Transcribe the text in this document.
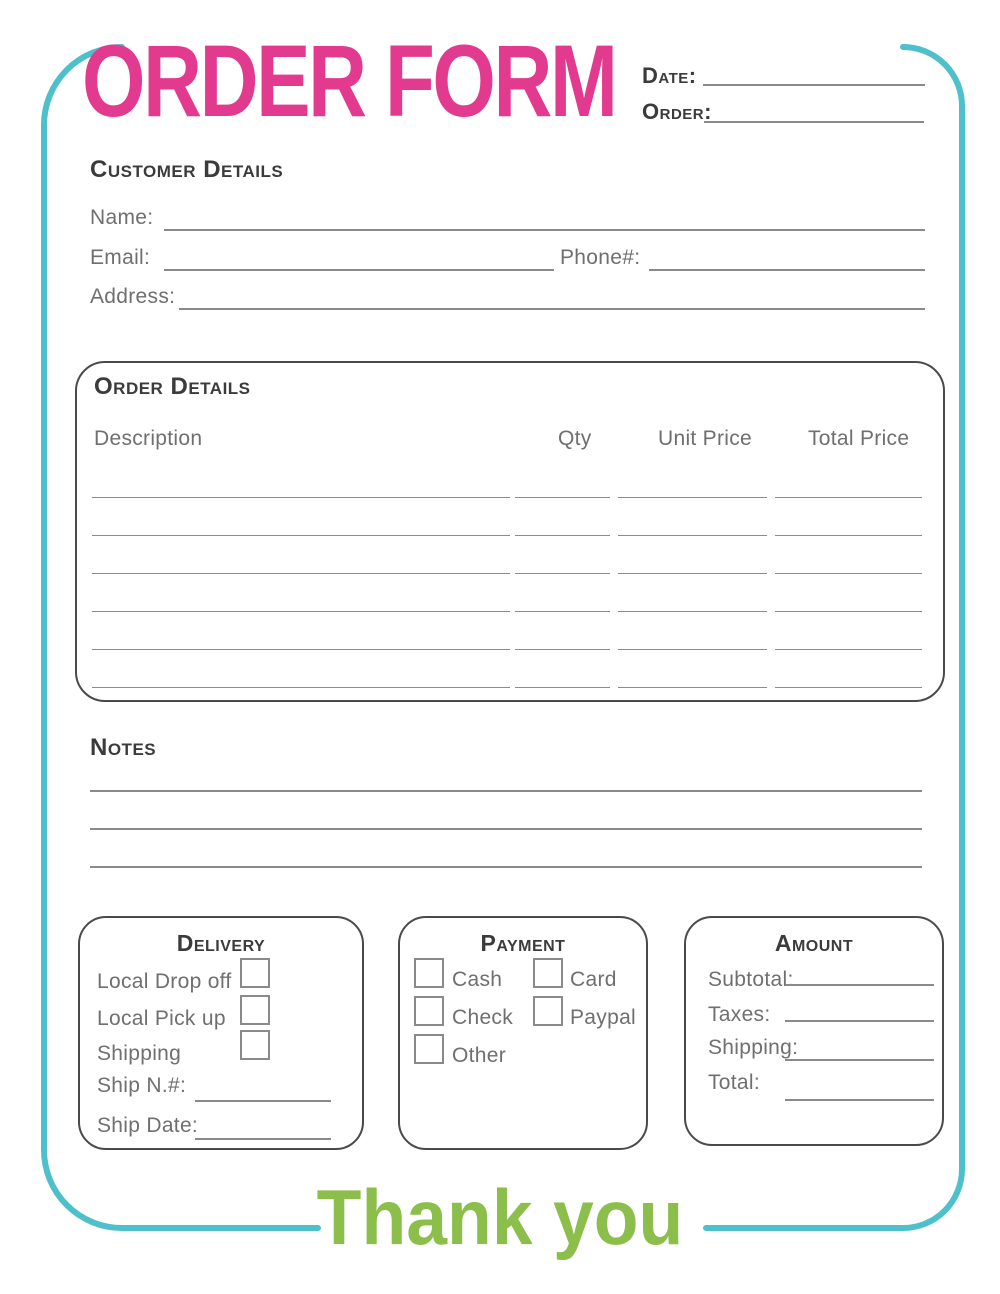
ORDER FORM Date:
Order:
Customer Details
Name:
Email:	Phone#:
Address:
Order Details
Description	Qty	Unit Price	Total Price
Notes
Delivery
Local Drop off
Local Pick up
Shipping
Ship N.#:
Ship Date:
Payment
Cash
Check
Other
Card
Paypal
Amount
Subtotal:
Taxes:
Shipping:
Total:
Thank you
